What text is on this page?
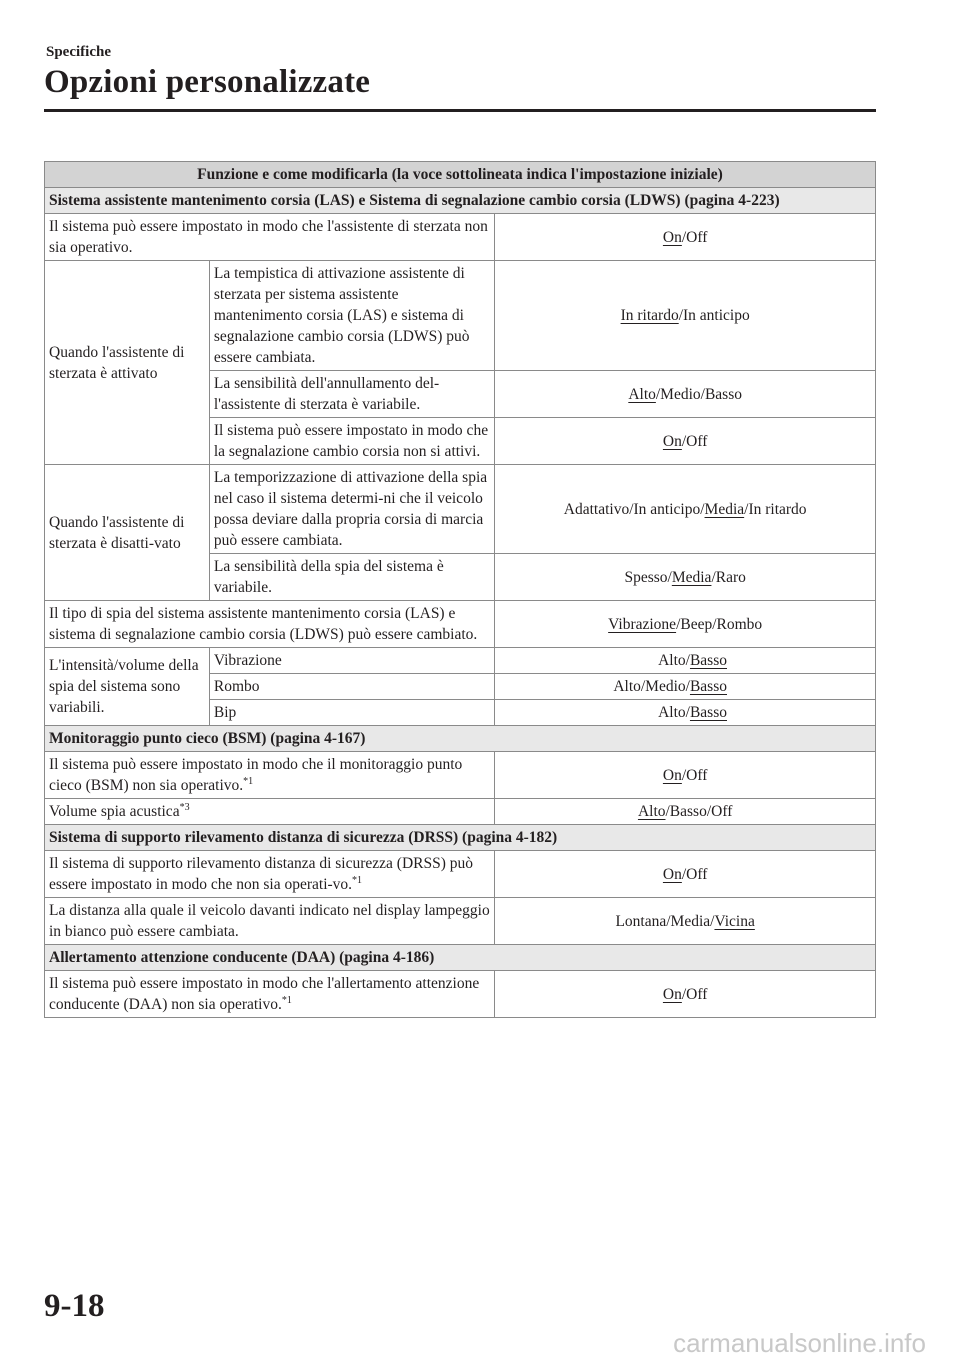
Specifiche
Opzioni personalizzate
Funzione e come modificarla (la voce sottolineata indica l'impostazione iniziale)		
Sistema assistente mantenimento corsia (LAS) e Sistema di segnalazione cambio corsia (LDWS) (pagina 4-223)		
Il sistema può essere impostato in modo che l'assistente di sterzata non sia operativo.		On/Off
Quando l'assistente di sterzata è attivato	La tempistica di attivazione assistente di sterzata per sistema assistente mantenimento corsia (LAS) e sistema di segnalazione cambio corsia (LDWS) può essere cambiata.	In ritardo/In anticipo
	La sensibilità dell'annullamento del-l'assistente di sterzata è variabile.	Alto/Medio/Basso
	Il sistema può essere impostato in modo che la segnalazione cambio corsia non si attivi.	On/Off
Quando l'assistente di sterzata è disatti-vato	La temporizzazione di attivazione della spia nel caso il sistema determi-ni che il veicolo possa deviare dalla propria corsia di marcia può essere cambiata.	Adattativo/In anticipo/Media/In ritardo
	La sensibilità della spia del sistema è variabile.	Spesso/Media/Raro
Il tipo di spia del sistema assistente mantenimento corsia (LAS) e sistema di segnalazione cambio corsia (LDWS) può essere cambiato.		Vibrazione/Beep/Rombo
L'intensità/volume della spia del sistema sono variabili.	Vibrazione	Alto/Basso
	Rombo	Alto/Medio/Basso
	Bip	Alto/Basso
Monitoraggio punto cieco (BSM) (pagina 4-167)		
Il sistema può essere impostato in modo che il monitoraggio punto cieco (BSM) non sia operativo.$^{*1}$		On/Off
Volume spia acustica$^{*3}$		Alto/Basso/Off
Sistema di supporto rilevamento distanza di sicurezza (DRSS) (pagina 4-182)		
Il sistema di supporto rilevamento distanza di sicurezza (DRSS) può essere impostato in modo che non sia operati-vo.$^{*1}$		On/Off
La distanza alla quale il veicolo davanti indicato nel display lampeggio in bianco può essere cambiata.		Lontana/Media/Vicina
Allertamento attenzione conducente (DAA) (pagina 4-186)		
Il sistema può essere impostato in modo che l'allertamento attenzione conducente (DAA) non sia operativo.$^{*1}$		On/Off
9-18
carmanualsonline.info
